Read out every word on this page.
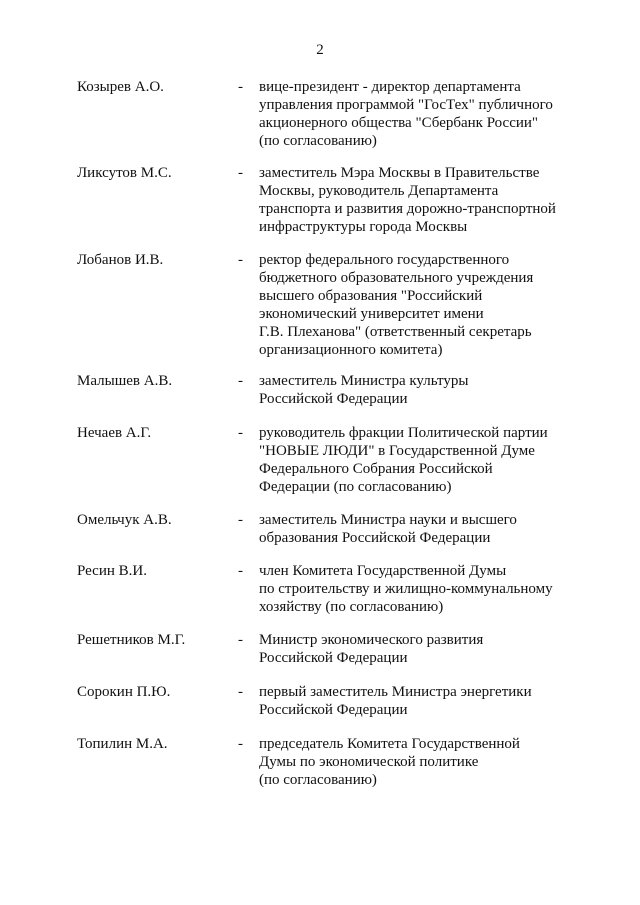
2
Козырев А.О.	- вице-президент - директор департамента
управления программой "ГосТех" публичного
акционерного общества "Сбербанк России"
(по согласованию)
Ликсутов М.С.	- заместитель Мэра Москвы в Правительстве
Москвы, руководитель Департамента
транспорта и развития дорожно-транспортной
инфраструктуры города Москвы
Лобанов И.В.	- ректор федерального государственного
бюджетного образовательного учреждения
высшего образования "Российский
экономический университет имени
Г.В. Плеханова" (ответственный секретарь
организационного комитета)
Малышев А.В.	- заместитель Министра культуры
Российской Федерации
Нечаев А.Г.	- руководитель фракции Политической партии
"НОВЫЕ ЛЮДИ" в Государственной Думе
Федерального Собрания Российской
Федерации (по согласованию)
Омельчук А.В.	- заместитель Министра науки и высшего
образования Российской Федерации
Ресин В.И.	- член Комитета Государственной Думы
по строительству и жилищно-коммунальному
хозяйству (по согласованию)
Решетников М.Г.	- Министр экономического развития
Российской Федерации
Сорокин П.Ю.	- первый заместитель Министра энергетики
Российской Федерации
Топилин М.А.	- председатель Комитета Государственной
Думы по экономической политике
(по согласованию)
